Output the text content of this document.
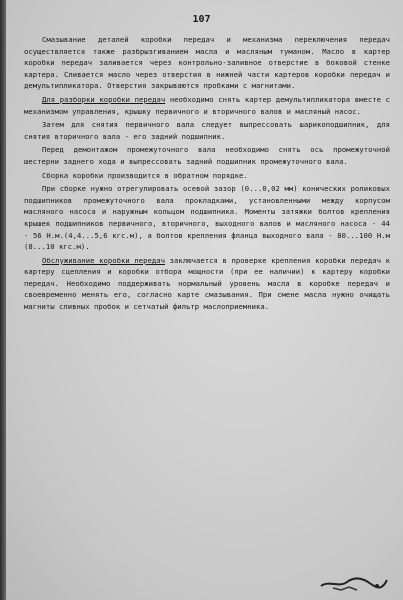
107

Смазывание деталей коробки передач и механизма переключения передач осуществляется также разбрызгиванием масла и масляным туманом. Масло в картер коробки передач заливается через контрольно-заливное отверстие в боковой стенке картера. Сливается масло через отверстия в нижней части картеров коробки передач и демультипликатора. Отверстия закрываются пробками с магнитами.

Для разборки коробки передач необходимо снять картер демультипликатора вместе с механизмом управления, крышку первичного и вторичного валов и масляный насос.

Затем для снятия первичного вала следует выпрессовать шарикоподшипник, для снятия вторичного вала - его задний подшипник.

Перед демонтажом промежуточного вала необходимо снять ось промежуточной шестерни заднего хода и выпрессовать задний подшипник промежуточного вала.

Сборка коробки производится в обратном порядке.

При сборке нужно отрегулировать осевой зазор (0...0,02 мм) конических роликовых подшипников промежуточного вала прокладками, установленными между корпусом масляного насоса и наружным кольцом подшипника. Моменты затяжки болтов крепления крышек подшипников первичного, вторичного, выходного валов и масляного насоса - 44 - 56 Н.м.(4,4...5,6 кгс.м), а болтов крепления фланца выходного вала - 80...100 Н.м (8...10 кгс.м).

Обслуживание коробки передач заключается в проверке крепления коробки передач к картеру сцепления и коробки отбора мощности (при ее наличии) к картеру коробки передач. Необходимо поддерживать нормальный уровень масла в коробке передач и своевременно менять его, согласно карте смазывания. При смене масла нужно очищать магниты сливных пробок и сетчатый фильтр маслоприемника.
